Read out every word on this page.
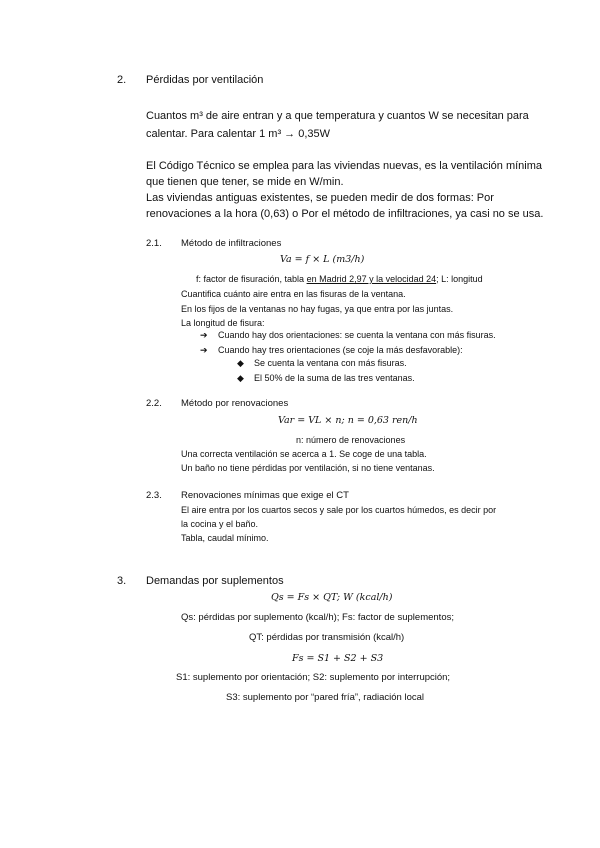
2. Pérdidas por ventilación
Cuantos m³ de aire entran y a que temperatura y cuantos W se necesitan para
calentar. Para calentar 1 m³ → 0,35W
El Código Técnico se emplea para las viviendas nuevas, es la ventilación mínima
que tienen que tener, se mide en W/min.
Las viviendas antiguas existentes, se pueden medir de dos formas: Por
renovaciones a la hora (0,63) o Por el método de infiltraciones, ya casi no se usa.
2.1. Método de infiltraciones
Va = f × L (m3/h)
f: factor de fisuración, tabla en Madrid 2,97 y la velocidad 24; L: longitud
Cuantifica cuánto aire entra en las fisuras de la ventana.
En los fijos de la ventanas no hay fugas, ya que entra por las juntas.
La longitud de fisura:
➔ Cuando hay dos orientaciones: se cuenta la ventana con más fisuras.
➔ Cuando hay tres orientaciones (se coje la más desfavorable):
◆ Se cuenta la ventana con más fisuras.
◆ El 50% de la suma de las tres ventanas.
2.2. Método por renovaciones
Var = VL × n; n = 0,63 ren/h
n: número de renovaciones
Una correcta ventilación se acerca a 1. Se coge de una tabla.
Un baño no tiene pérdidas por ventilación, si no tiene ventanas.
2.3. Renovaciones mínimas que exige el CT
El aire entra por los cuartos secos y sale por los cuartos húmedos, es decir por
la cocina y el baño.
Tabla, caudal mínimo.
3. Demandas por suplementos
Qs = Fs × QT; W (kcal/h)
Qs: pérdidas por suplemento (kcal/h); Fs: factor de suplementos;
QT: pérdidas por transmisión (kcal/h)
Fs = S1 + S2 + S3
S1: suplemento por orientación; S2: suplemento por interrupción;
S3: suplemento por “pared fría”, radiación local
